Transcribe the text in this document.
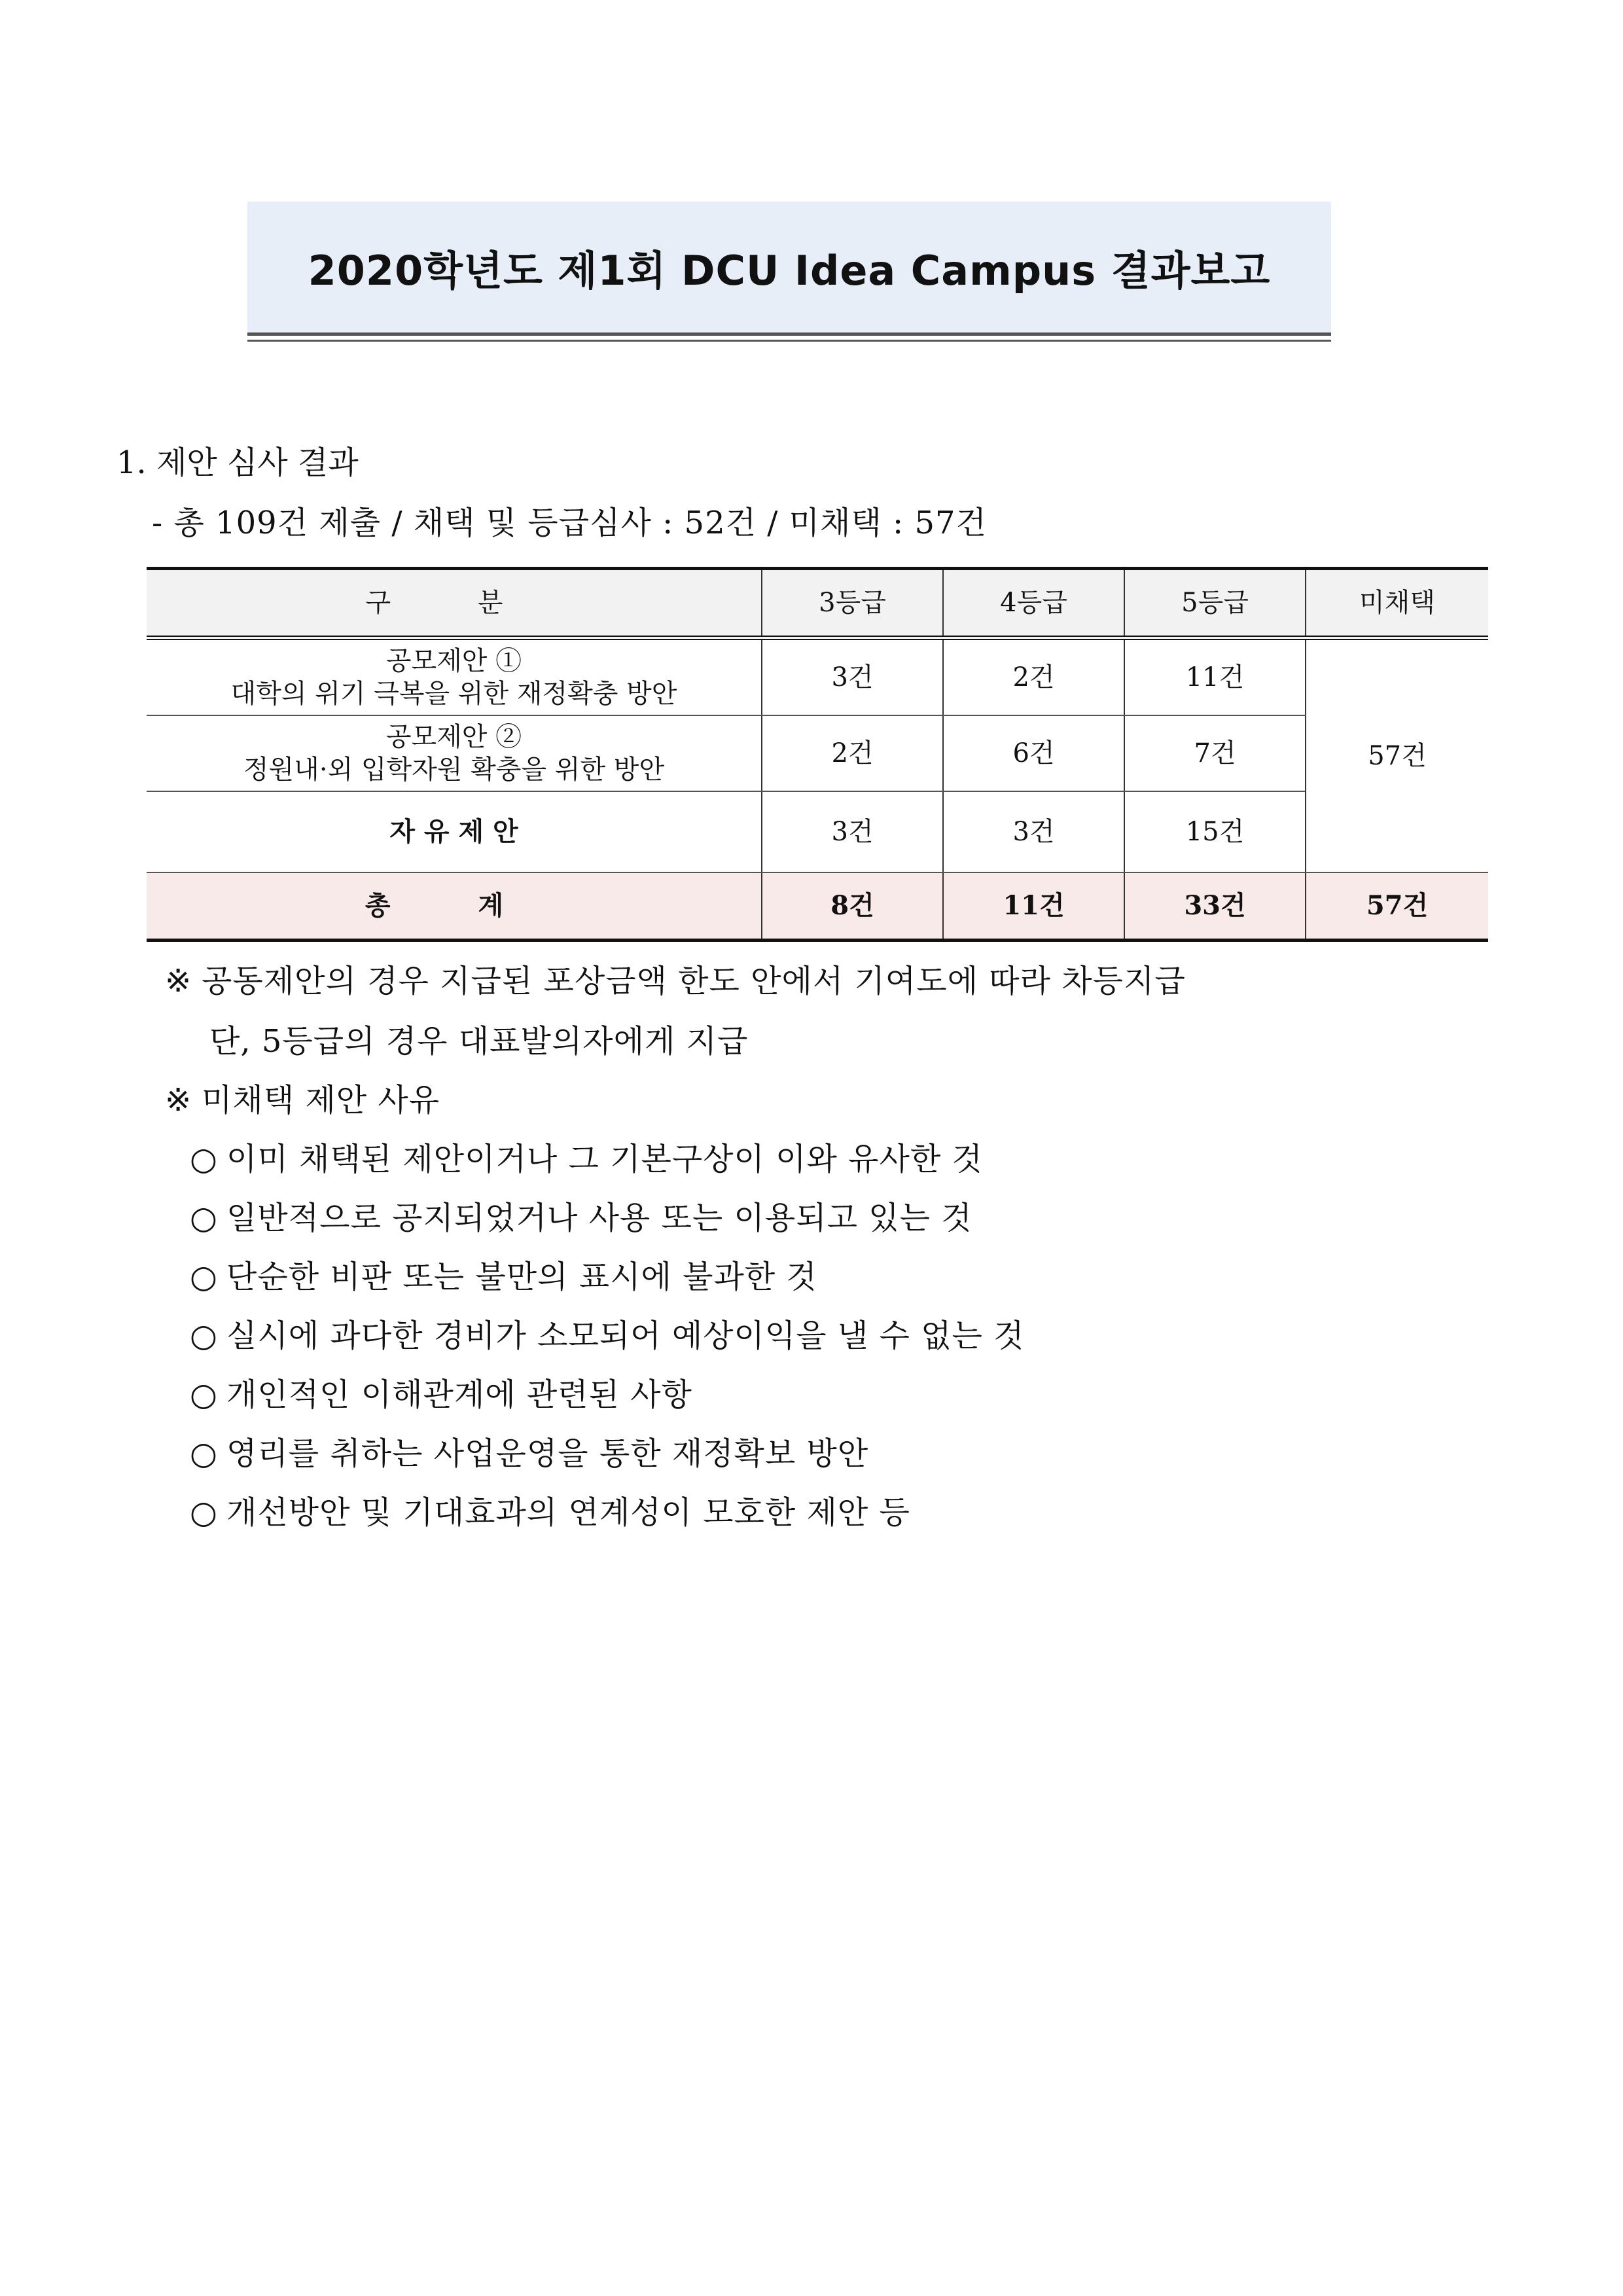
2020학년도 제1회 DCU Idea Campus 결과보고
1. 제안 심사 결과
- 총 109건 제출 / 채택 및 등급심사 : 52건 / 미채택 : 57건
구 분	3등급	4등급	5등급	미채택

공모제안 ①
대학의 위기 극복을 위한 재정확충 방안	3건	2건	11건	57건

공모제안 ②
정원내·외 입학자원 확충을 위한 방안	2건	6건	7건	

자 유 제 안	3건	3건	15건	
총 계	8건	11건	33건	57건
※ 공동제안의 경우 지급된 포상금액 한도 안에서 기여도에 따라 차등지급
단, 5등급의 경우 대표발의자에게 지급
※ 미채택 제안 사유
○ 이미 채택된 제안이거나 그 기본구상이 이와 유사한 것
○ 일반적으로 공지되었거나 사용 또는 이용되고 있는 것
○ 단순한 비판 또는 불만의 표시에 불과한 것
○ 실시에 과다한 경비가 소모되어 예상이익을 낼 수 없는 것
○ 개인적인 이해관계에 관련된 사항
○ 영리를 취하는 사업운영을 통한 재정확보 방안
○ 개선방안 및 기대효과의 연계성이 모호한 제안 등
